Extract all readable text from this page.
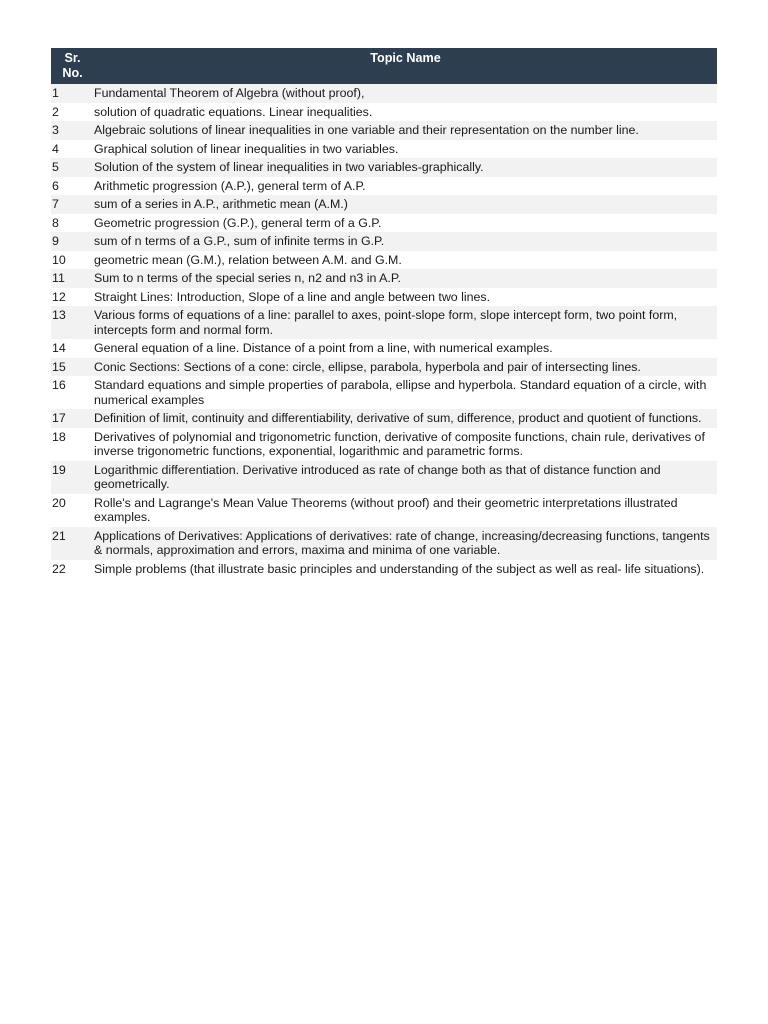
Sr.
No.	Topic Name
1	Fundamental Theorem of Algebra (without proof),
2	solution of quadratic equations. Linear inequalities.
3	Algebraic solutions of linear inequalities in one variable and their representation on the number line.
4	Graphical solution of linear inequalities in two variables.
5	Solution of the system of linear inequalities in two variables-graphically.
6	Arithmetic progression (A.P.), general term of A.P.
7	sum of a series in A.P., arithmetic mean (A.M.)
8	Geometric progression (G.P.), general term of a G.P.
9	sum of n terms of a G.P., sum of infinite terms in G.P.
10	geometric mean (G.M.), relation between A.M. and G.M.
11	Sum to n terms of the special series n, n2 and n3 in A.P.
12	Straight Lines: Introduction, Slope of a line and angle between two lines.
13	Various forms of equations of a line: parallel to axes, point-slope form, slope intercept form, two point form, intercepts form and normal form.
14	General equation of a line. Distance of a point from a line, with numerical examples.
15	Conic Sections: Sections of a cone: circle, ellipse, parabola, hyperbola and pair of intersecting lines.
16	Standard equations and simple properties of parabola, ellipse and hyperbola. Standard equation of a circle, with numerical examples
17	Definition of limit, continuity and differentiability, derivative of sum, difference, product and quotient of functions.
18	Derivatives of polynomial and trigonometric function, derivative of composite functions, chain rule, derivatives of inverse trigonometric functions, exponential, logarithmic and parametric forms.
19	Logarithmic differentiation. Derivative introduced as rate of change both as that of distance function and geometrically.
20	Rolle's and Lagrange's Mean Value Theorems (without proof) and their geometric interpretations illustrated examples.
21	Applications of Derivatives: Applications of derivatives: rate of change, increasing/decreasing functions, tangents & normals, approximation and errors, maxima and minima of one variable.
22	Simple problems (that illustrate basic principles and understanding of the subject as well as real- life situations).
